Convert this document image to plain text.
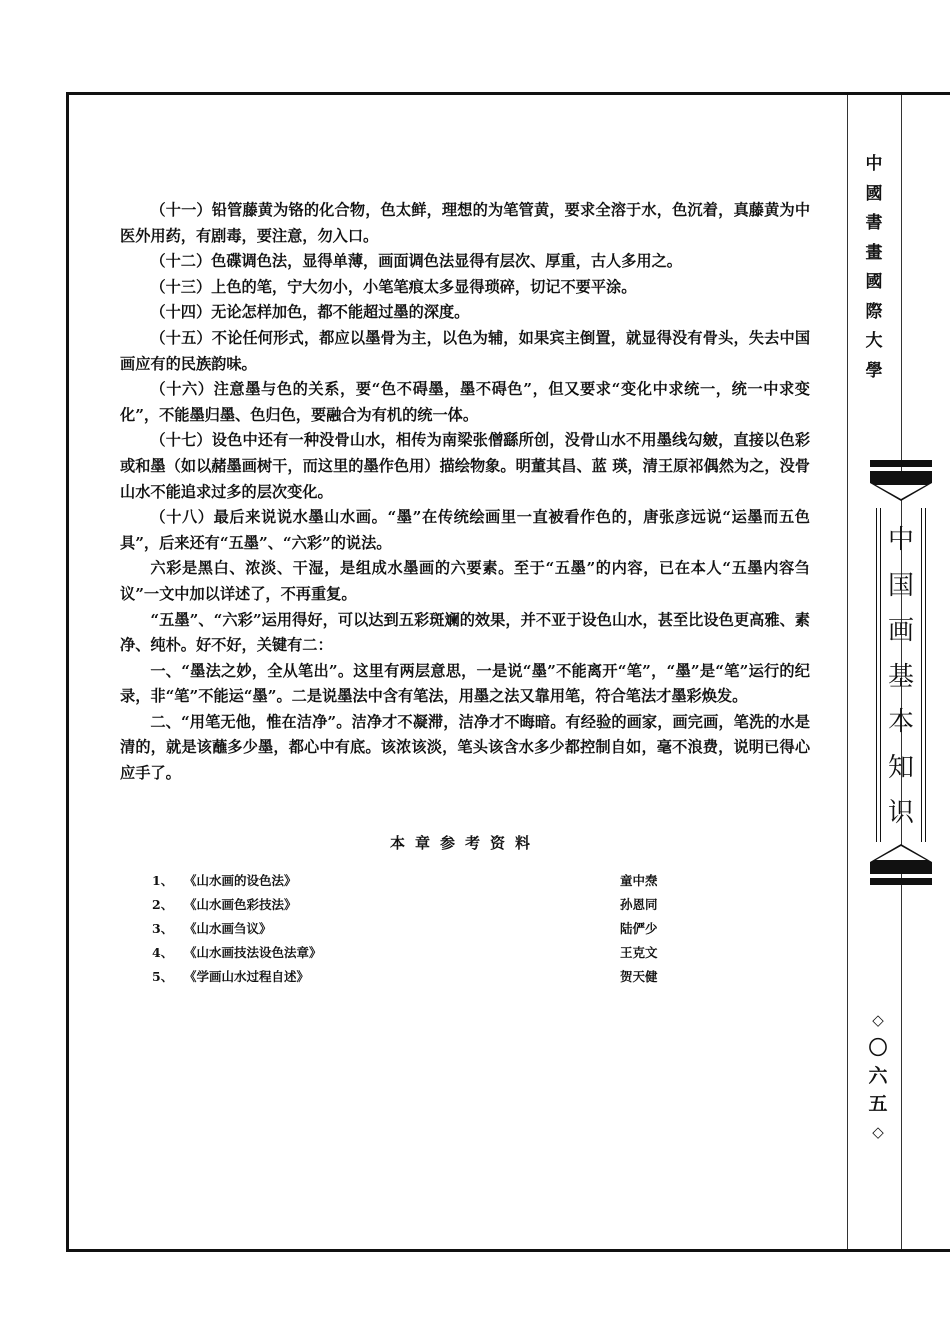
（十一）铅管藤黄为铬的化合物，色太鲜，理想的为笔管黄，要求全溶于水，色沉着，真藤黄为中医外用药，有剧毒，要注意，勿入口。

（十二）色碟调色法，显得单薄，画面调色法显得有层次、厚重，古人多用之。

（十三）上色的笔，宁大勿小，小笔笔痕太多显得琐碎，切记不要平涂。

（十四）无论怎样加色，都不能超过墨的深度。

（十五）不论任何形式，都应以墨骨为主，以色为辅，如果宾主倒置，就显得没有骨头，失去中国画应有的民族韵味。

（十六）注意墨与色的关系，要“色不碍墨，墨不碍色”，但又要求“变化中求统一，统一中求变化”，不能墨归墨、色归色，要融合为有机的统一体。

（十七）设色中还有一种没骨山水，相传为南梁张僧繇所创，没骨山水不用墨线勾皴，直接以色彩或和墨（如以赭墨画树干，而这里的墨作色用）描绘物象。明董其昌、蓝 瑛，清王原祁偶然为之，没骨山水不能追求过多的层次变化。

（十八）最后来说说水墨山水画。“墨”在传统绘画里一直被看作色的，唐张彦远说“运墨而五色具”，后来还有“五墨”、“六彩”的说法。

六彩是黑白、浓淡、干湿，是组成水墨画的六要素。至于“五墨”的内容，已在本人“五墨内容刍议”一文中加以详述了，不再重复。

“五墨”、“六彩”运用得好，可以达到五彩斑斓的效果，并不亚于设色山水，甚至比设色更高雅、素净、纯朴。好不好，关键有二：

一、“墨法之妙，全从笔出”。这里有两层意思，一是说“墨”不能离开“笔”，“墨”是“笔”运行的纪录，非“笔”不能运“墨”。二是说墨法中含有笔法，用墨之法又靠用笔，符合笔法才墨彩焕发。

二、“用笔无他，惟在洁净”。洁净才不凝滞，洁净才不晦暗。有经验的画家，画完画，笔洗的水是清的，就是该蘸多少墨，都心中有底。该浓该淡，笔头该含水多少都控制自如，毫不浪费，说明已得心应手了。

本章参考资料
1、 《山水画的设色法》	童中焘
2、 《山水画色彩技法》	孙恩同
3、 《山水画刍议》	陆俨少
4、 《山水画技法设色法章》	王克文
5、 《学画山水过程自述》	贺天健
中
國
書
畫
國
際
大
學
中
国
画
基
本
知
识
◇
〇
六
五
◇
